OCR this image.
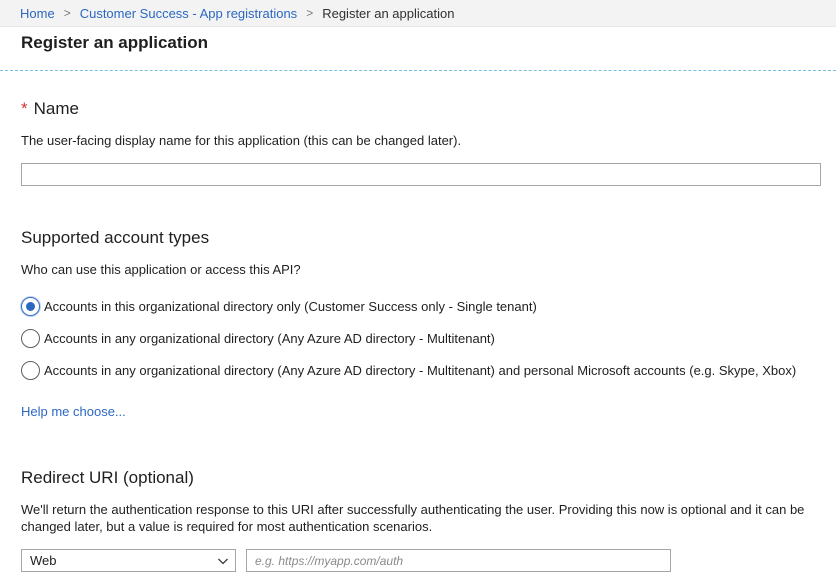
Home > Customer Success - App registrations > Register an application
Register an application
* Name
The user-facing display name for this application (this can be changed later).
Supported account types
Who can use this application or access this API?
Accounts in this organizational directory only (Customer Success only - Single tenant)
Accounts in any organizational directory (Any Azure AD directory - Multitenant)
Accounts in any organizational directory (Any Azure AD directory - Multitenant) and personal Microsoft accounts (e.g. Skype, Xbox)
Help me choose...
Redirect URI (optional)
We'll return the authentication response to this URI after successfully authenticating the user. Providing this now is optional and it can be changed later, but a value is required for most authentication scenarios.
Web
e.g. https://myapp.com/auth
